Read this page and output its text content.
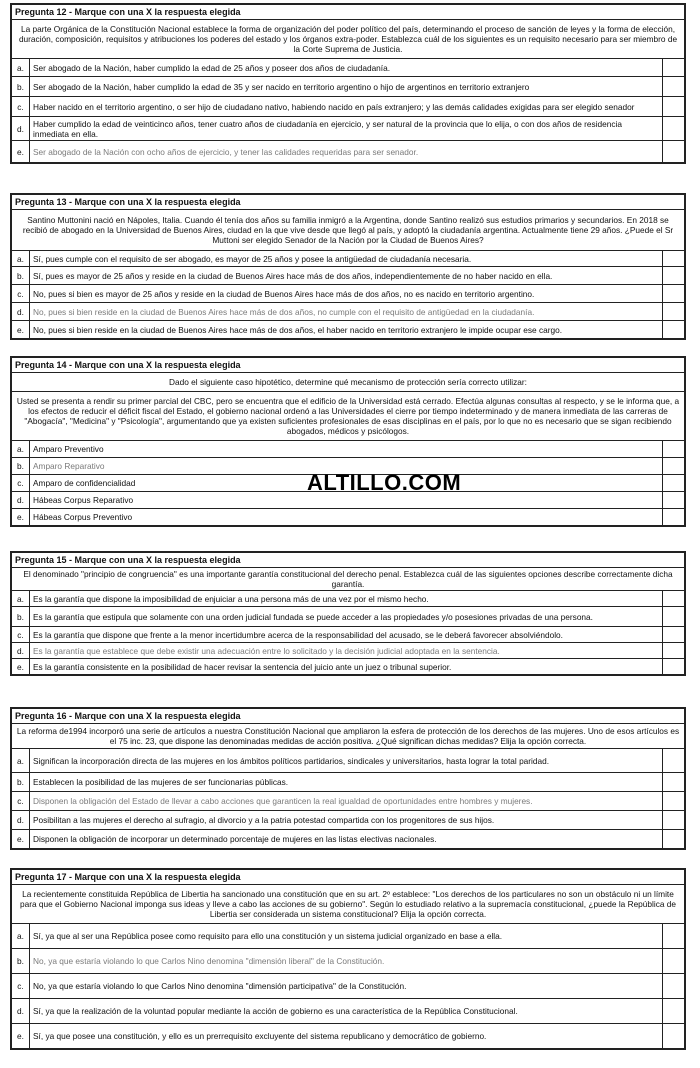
Pregunta 12 - Marque con una X la respuesta elegida		
La parte Orgánica de la Constitución Nacional establece la forma de organización del poder político del país, determinando el proceso de sanción de leyes y la forma de elección, duración, composición, requisitos y atribuciones los poderes del estado y los órganos extra-poder. Establezca cuál de los siguientes es un requisito necesario para ser miembro de la Corte Suprema de Justicia.		
a.	Ser abogado de la Nación, haber cumplido la edad de 25 años y poseer dos años de ciudadanía.	
b.	Ser abogado de la Nación, haber cumplido la edad de 35 y ser nacido en territorio argentino o hijo de argentinos en territorio extranjero	
c.	Haber nacido en el territorio argentino, o ser hijo de ciudadano nativo, habiendo nacido en país extranjero; y las demás calidades exigidas para ser elegido senador	
d.	Haber cumplido la edad de veinticinco años, tener cuatro años de ciudadanía en ejercicio, y ser natural de la provincia que lo elija, o con dos años de residencia inmediata en ella.	
e.	Ser abogado de la Nación con ocho años de ejercicio, y tener las calidades requeridas para ser senador.	
Pregunta 13 - Marque con una X la respuesta elegida		
Santino Muttonini nació en Nápoles, Italia. Cuando él tenía dos años su familia inmigró a la Argentina, donde Santino realizó sus estudios primarios y secundarios. En 2018 se recibió de abogado en la Universidad de Buenos Aires, ciudad en la que vive desde que llegó al país, y adoptó la ciudadanía argentina. Actualmente tiene 29 años. ¿Puede el Sr Muttoni ser elegido Senador de la Nación por la Ciudad de Buenos Aires?		
a.	Sí, pues cumple con el requisito de ser abogado, es mayor de 25 años y posee la antigüedad de ciudadanía necesaria.	
b.	Sí, pues es mayor de 25 años y reside en la ciudad de Buenos Aires hace más de dos años, independientemente de no haber nacido en ella.	
c.	No, pues si bien es mayor de 25 años y reside en la ciudad de Buenos Aires hace más de dos años, no es nacido en territorio argentino.	
d.	No, pues si bien reside en la ciudad de Buenos Aires hace más de dos años, no cumple con el requisito de antigüedad en la ciudadanía.	
e.	No, pues si bien reside en la ciudad de Buenos Aires hace más de dos años, el haber nacido en territorio extranjero le impide ocupar ese cargo.	
Pregunta 14 - Marque con una X la respuesta elegida		
Dado el siguiente caso hipotético, determine qué mecanismo de protección sería correcto utilizar:		
Usted se presenta a rendir su primer parcial del CBC, pero se encuentra que el edificio de la Universidad está cerrado. Efectúa algunas consultas al respecto, y se le informa que, a los efectos de reducir el déficit fiscal del Estado, el gobierno nacional ordenó a las Universidades el cierre por tiempo indeterminado y de manera inmediata de las carreras de "Abogacía", "Medicina" y "Psicología", argumentando que ya existen suficientes profesionales de esas disciplinas en el país, por lo que no es necesario que se sigan recibiendo abogados, médicos y psicólogos.		
a.	Amparo Preventivo	
b.	Amparo Reparativo	
c.	Amparo de confidencialidad	
d.	Hábeas Corpus Reparativo	
e.	Hábeas Corpus Preventivo	
Pregunta 15 - Marque con una X la respuesta elegida		
El denominado "principio de congruencia" es una importante garantía constitucional del derecho penal. Establezca cuál de las siguientes opciones describe correctamente dicha garantía.		
a.	Es la garantía que dispone la imposibilidad de enjuiciar a una persona más de una vez por el mismo hecho.	
b.	Es la garantía que estipula que solamente con una orden judicial fundada se puede acceder a las propiedades y/o posesiones privadas de una persona.	
c.	Es la garantía que dispone que frente a la menor incertidumbre acerca de la responsabilidad del acusado, se le deberá favorecer absolviéndolo.	
d.	Es la garantía que establece que debe existir una adecuación entre lo solicitado y la decisión judicial adoptada en la sentencia.	
e.	Es la garantía consistente en la posibilidad de hacer revisar la sentencia del juicio ante un juez o tribunal superior.	
Pregunta 16 - Marque con una X la respuesta elegida		
La reforma de1994 incorporó una serie de artículos a nuestra Constitución Nacional que ampliaron la esfera de protección de los derechos de las mujeres. Uno de esos artículos es el 75 inc. 23, que dispone las denominadas medidas de acción positiva. ¿Qué significan dichas medidas? Elija la opción correcta.		
a.	Significan la incorporación directa de las mujeres en los ámbitos políticos partidarios, sindicales y universitarios, hasta lograr la total paridad.	
b.	Establecen la posibilidad de las mujeres de ser funcionarias públicas.	
c.	Disponen la obligación del Estado de llevar a cabo acciones que garanticen la real igualdad de oportunidades entre hombres y mujeres.	
d.	Posibilitan a las mujeres el derecho al sufragio, al divorcio y a la patria potestad compartida con los progenitores de sus hijos.	
e.	Disponen la obligación de incorporar un determinado porcentaje de mujeres en las listas electivas nacionales.	
Pregunta 17 - Marque con una X la respuesta elegida		
La recientemente constituida República de Libertia ha sancionado una constitución que en su art. 2º establece: "Los derechos de los particulares no son un obstáculo ni un límite para que el Gobierno Nacional imponga sus ideas y lleve a cabo las acciones de su gobierno". Según lo estudiado relativo a la supremacía constitucional, ¿puede la República de Libertia ser considerada un sistema constitucional? Elija la opción correcta.		
a.	Sí, ya que al ser una República posee como requisito para ello una constitución y un sistema judicial organizado en base a ella.	
b.	No, ya que estaría violando lo que Carlos Nino denomina "dimensión liberal" de la Constitución.	
c.	No, ya que estaría violando lo que Carlos Nino denomina "dimensión participativa" de la Constitución.	
d.	Sí, ya que la realización de la voluntad popular mediante la acción de gobierno es una característica de la República Constitucional.	
e.	Sí, ya que posee una constitución, y ello es un prerrequisito excluyente del sistema republicano y democrático de gobierno.	
ALTILLO.COM
